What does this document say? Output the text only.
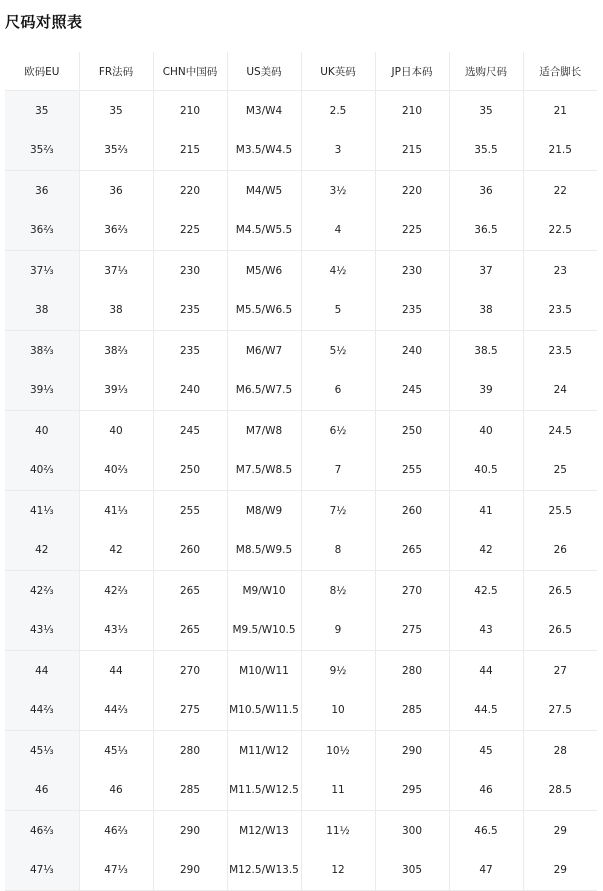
尺码对照表
欧码EU	FR法码	CHN中国码	US美码	UK英码	JP日本码	选购尺码	适合脚长
35	35	210	M3/W4	2.5	210	35	21
35⅔	35⅔	215	M3.5/W4.5	3	215	35.5	21.5
36	36	220	M4/W5	3½	220	36	22
36⅔	36⅔	225	M4.5/W5.5	4	225	36.5	22.5
37⅓	37⅓	230	M5/W6	4½	230	37	23
38	38	235	M5.5/W6.5	5	235	38	23.5
38⅔	38⅔	235	M6/W7	5½	240	38.5	23.5
39⅓	39⅓	240	M6.5/W7.5	6	245	39	24
40	40	245	M7/W8	6½	250	40	24.5
40⅔	40⅔	250	M7.5/W8.5	7	255	40.5	25
41⅓	41⅓	255	M8/W9	7½	260	41	25.5
42	42	260	M8.5/W9.5	8	265	42	26
42⅔	42⅔	265	M9/W10	8½	270	42.5	26.5
43⅓	43⅓	265	M9.5/W10.5	9	275	43	26.5
44	44	270	M10/W11	9½	280	44	27
44⅔	44⅔	275	M10.5/W11.5	10	285	44.5	27.5
45⅓	45⅓	280	M11/W12	10½	290	45	28
46	46	285	M11.5/W12.5	11	295	46	28.5
46⅔	46⅔	290	M12/W13	11½	300	46.5	29
47⅓	47⅓	290	M12.5/W13.5	12	305	47	29
